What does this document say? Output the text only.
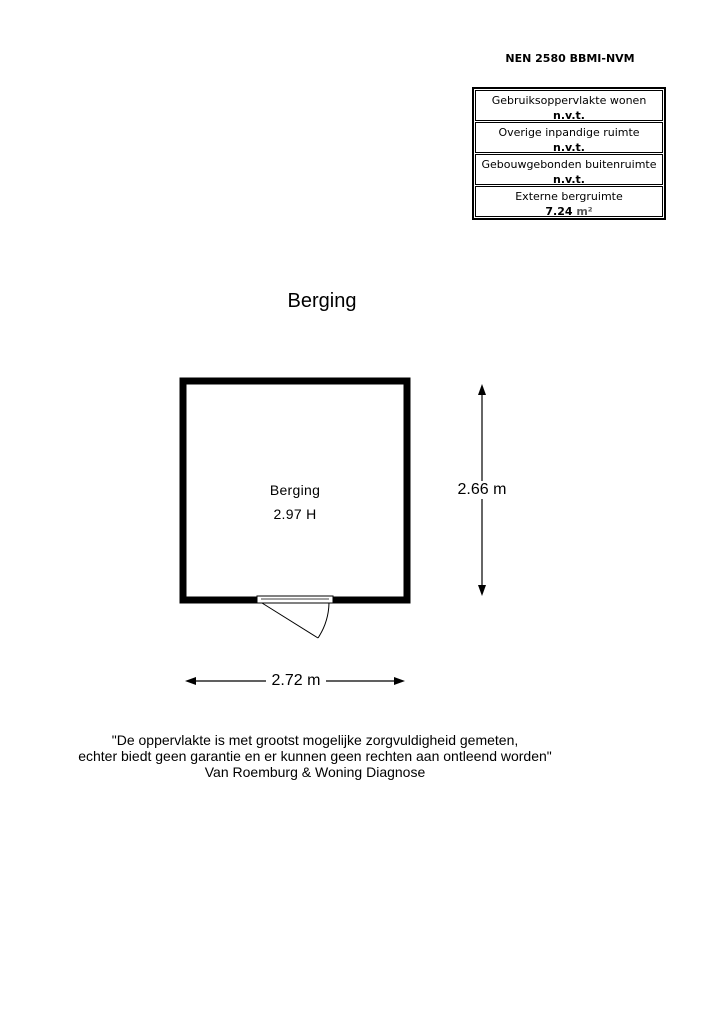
NEN 2580 BBMI-NVM
Gebruiksoppervlakte wonen
n.v.t.
Overige inpandige ruimte
n.v.t.
Gebouwgebonden buitenruimte
n.v.t.
Externe bergruimte
7.24 m²
Berging
Berging
2.97 H
2.66 m
2.72 m
"De oppervlakte is met grootst mogelijke zorgvuldigheid gemeten,
echter biedt geen garantie en er kunnen geen rechten aan ontleend worden"
Van Roemburg & Woning Diagnose
